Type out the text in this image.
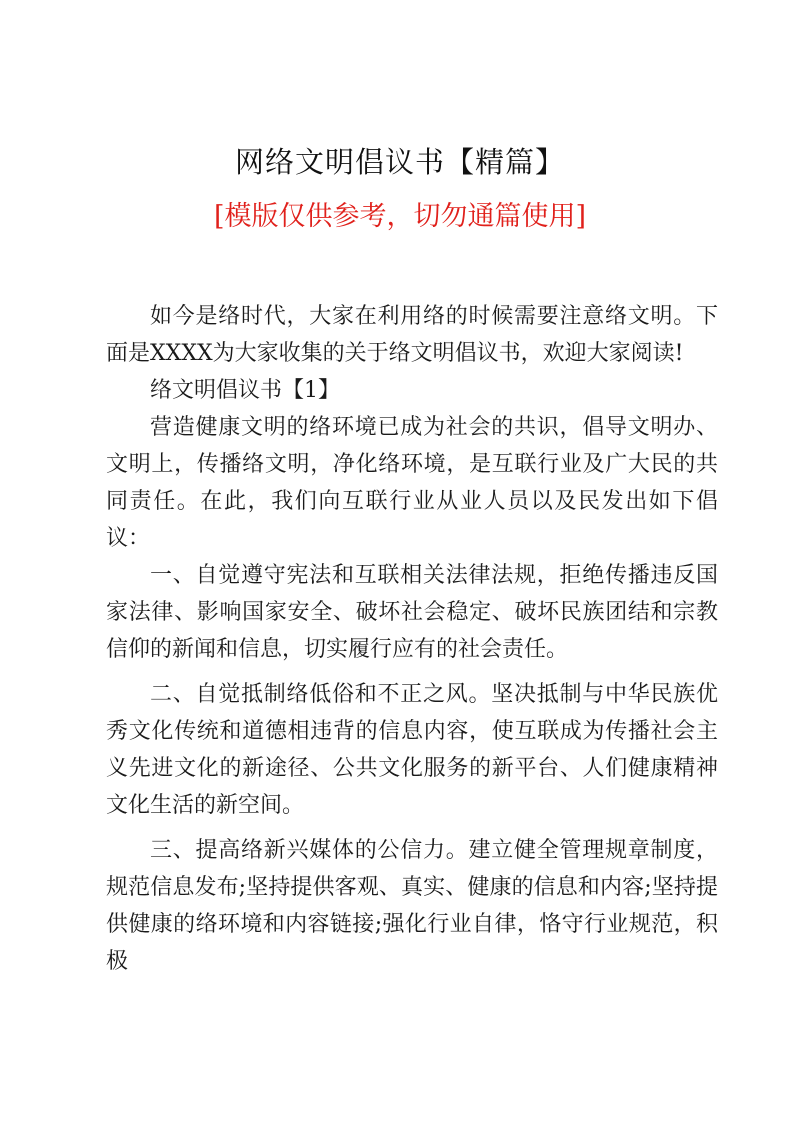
网络文明倡议书【精篇】
[模版仅供参考，切勿通篇使用]

如今是络时代，大家在利用络的时候需要注意络文明。下面是XXXX为大家收集的关于络文明倡议书，欢迎大家阅读!

络文明倡议书【1】

营造健康文明的络环境已成为社会的共识，倡导文明办、文明上，传播络文明，净化络环境，是互联行业及广大民的共同责任。在此，我们向互联行业从业人员以及民发出如下倡议：

一、自觉遵守宪法和互联相关法律法规，拒绝传播违反国家法律、影响国家安全、破坏社会稳定、破坏民族团结和宗教信仰的新闻和信息，切实履行应有的社会责任。

二、自觉抵制络低俗和不正之风。坚决抵制与中华民族优秀文化传统和道德相违背的信息内容，使互联成为传播社会主义先进文化的新途径、公共文化服务的新平台、人们健康精神文化生活的新空间。

三、提高络新兴媒体的公信力。建立健全管理规章制度，规范信息发布;坚持提供客观、真实、健康的信息和内容;坚持提供健康的络环境和内容链接;强化行业自律，恪守行业规范，积极
